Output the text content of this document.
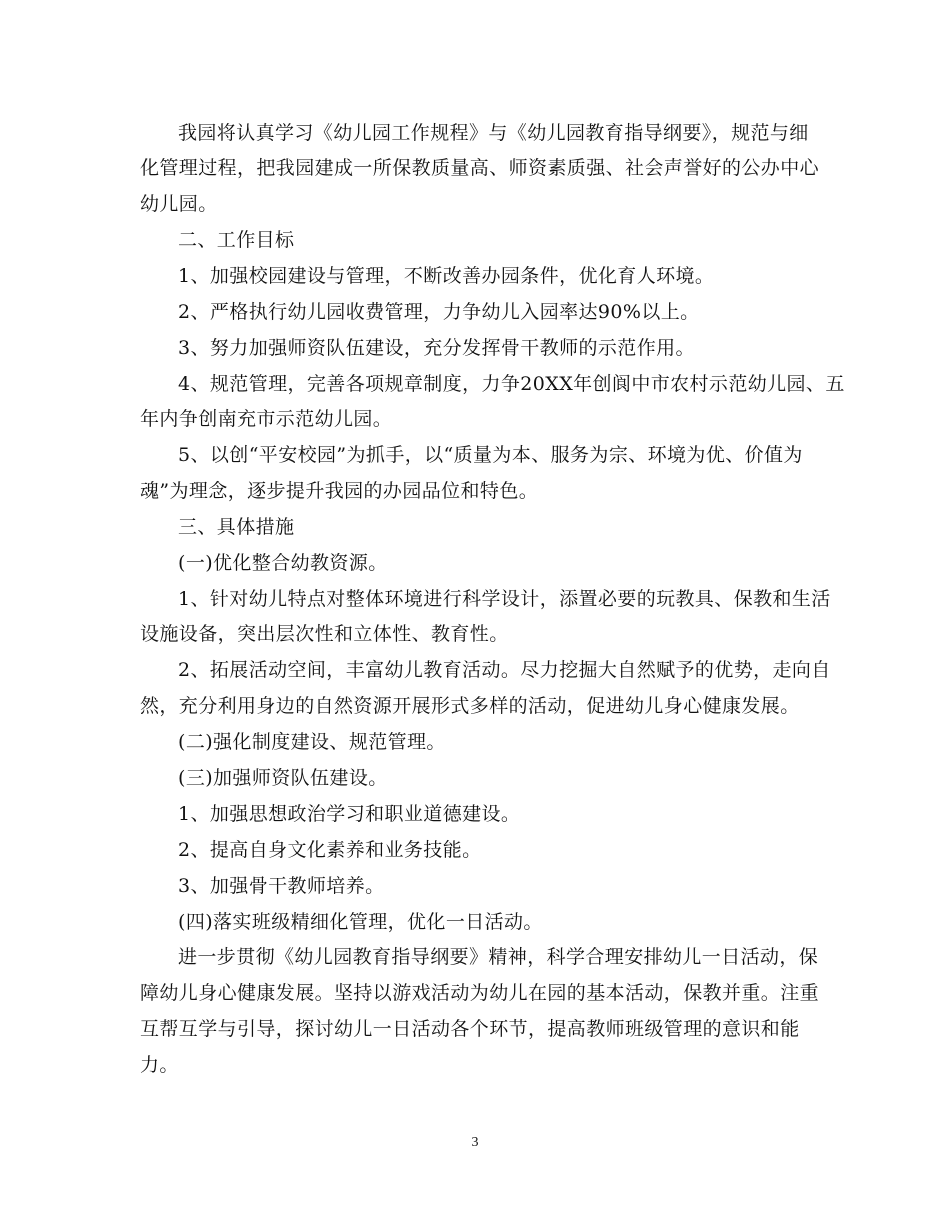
我园将认真学习《幼儿园工作规程》与《幼儿园教育指导纲要》，规范与细
化管理过程，把我园建成一所保教质量高、师资素质强、社会声誉好的公办中心
幼儿园。
二、工作目标
1、加强校园建设与管理，不断改善办园条件，优化育人环境。
2、严格执行幼儿园收费管理，力争幼儿入园率达90%以上。
3、努力加强师资队伍建设，充分发挥骨干教师的示范作用。
4、规范管理，完善各项规章制度，力争20XX年创阆中市农村示范幼儿园、五
年内争创南充市示范幼儿园。
5、以创“平安校园”为抓手，以“质量为本、服务为宗、环境为优、价值为
魂”为理念，逐步提升我园的办园品位和特色。
三、具体措施
(一)优化整合幼教资源。
1、针对幼儿特点对整体环境进行科学设计，添置必要的玩教具、保教和生活
设施设备，突出层次性和立体性、教育性。
2、拓展活动空间，丰富幼儿教育活动。尽力挖掘大自然赋予的优势，走向自
然，充分利用身边的自然资源开展形式多样的活动，促进幼儿身心健康发展。
(二)强化制度建设、规范管理。
(三)加强师资队伍建设。
1、加强思想政治学习和职业道德建设。
2、提高自身文化素养和业务技能。
3、加强骨干教师培养。
(四)落实班级精细化管理，优化一日活动。
进一步贯彻《幼儿园教育指导纲要》精神，科学合理安排幼儿一日活动，保
障幼儿身心健康发展。坚持以游戏活动为幼儿在园的基本活动，保教并重。注重
互帮互学与引导，探讨幼儿一日活动各个环节，提高教师班级管理的意识和能
力。
3
